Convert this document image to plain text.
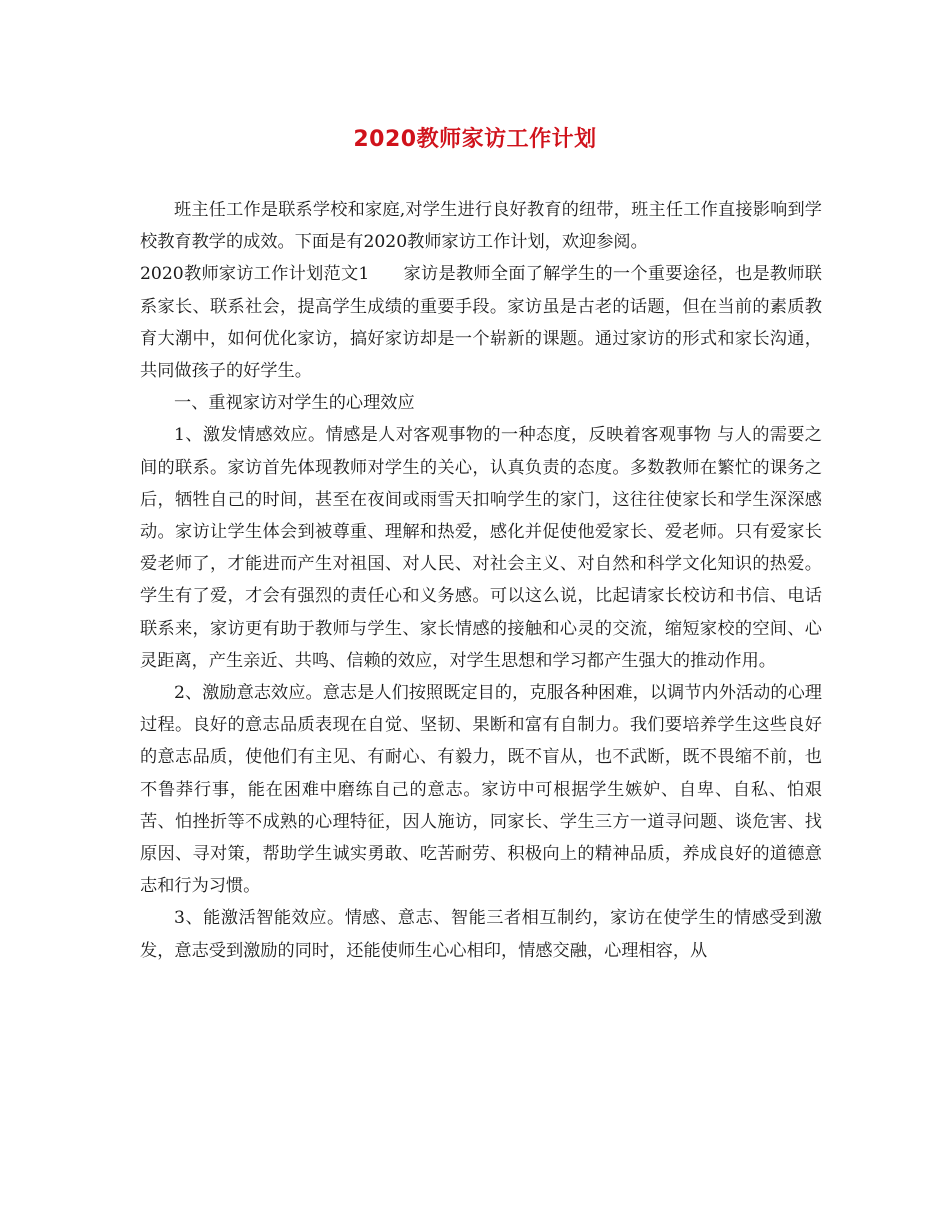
2020教师家访工作计划

班主任工作是联系学校和家庭,对学生进行良好教育的纽带，班主任工作直接影响到学校教育教学的成效。下面是有2020教师家访工作计划，欢迎参阅。

2020教师家访工作计划范文1 家访是教师全面了解学生的一个重要途径，也是教师联系家长、联系社会，提高学生成绩的重要手段。家访虽是古老的话题，但在当前的素质教育大潮中，如何优化家访，搞好家访却是一个崭新的课题。通过家访的形式和家长沟通，共同做孩子的好学生。

一、重视家访对学生的心理效应

1、激发情感效应。情感是人对客观事物的一种态度，反映着客观事物 与人的需要之间的联系。家访首先体现教师对学生的关心，认真负责的态度。多数教师在繁忙的课务之后，牺牲自己的时间，甚至在夜间或雨雪天扣响学生的家门，这往往使家长和学生深深感动。家访让学生体会到被尊重、理解和热爱，感化并促使他爱家长、爱老师。只有爱家长爱老师了，才能进而产生对祖国、对人民、对社会主义、对自然和科学文化知识的热爱。学生有了爱，才会有强烈的责任心和义务感。可以这么说，比起请家长校访和书信、电话联系来，家访更有助于教师与学生、家长情感的接触和心灵的交流，缩短家校的空间、心灵距离，产生亲近、共鸣、信赖的效应，对学生思想和学习都产生强大的推动作用。

2、激励意志效应。意志是人们按照既定目的，克服各种困难，以调节内外活动的心理过程。良好的意志品质表现在自觉、坚韧、果断和富有自制力。我们要培养学生这些良好的意志品质，使他们有主见、有耐心、有毅力，既不盲从，也不武断，既不畏缩不前，也不鲁莽行事，能在困难中磨练自己的意志。家访中可根据学生嫉妒、自卑、自私、怕艰苦、怕挫折等不成熟的心理特征，因人施访，同家长、学生三方一道寻问题、谈危害、找原因、寻对策，帮助学生诚实勇敢、吃苦耐劳、积极向上的精神品质，养成良好的道德意志和行为习惯。

3、能激活智能效应。情感、意志、智能三者相互制约，家访在使学生的情感受到激发，意志受到激励的同时，还能使师生心心相印，情感交融，心理相容，从
